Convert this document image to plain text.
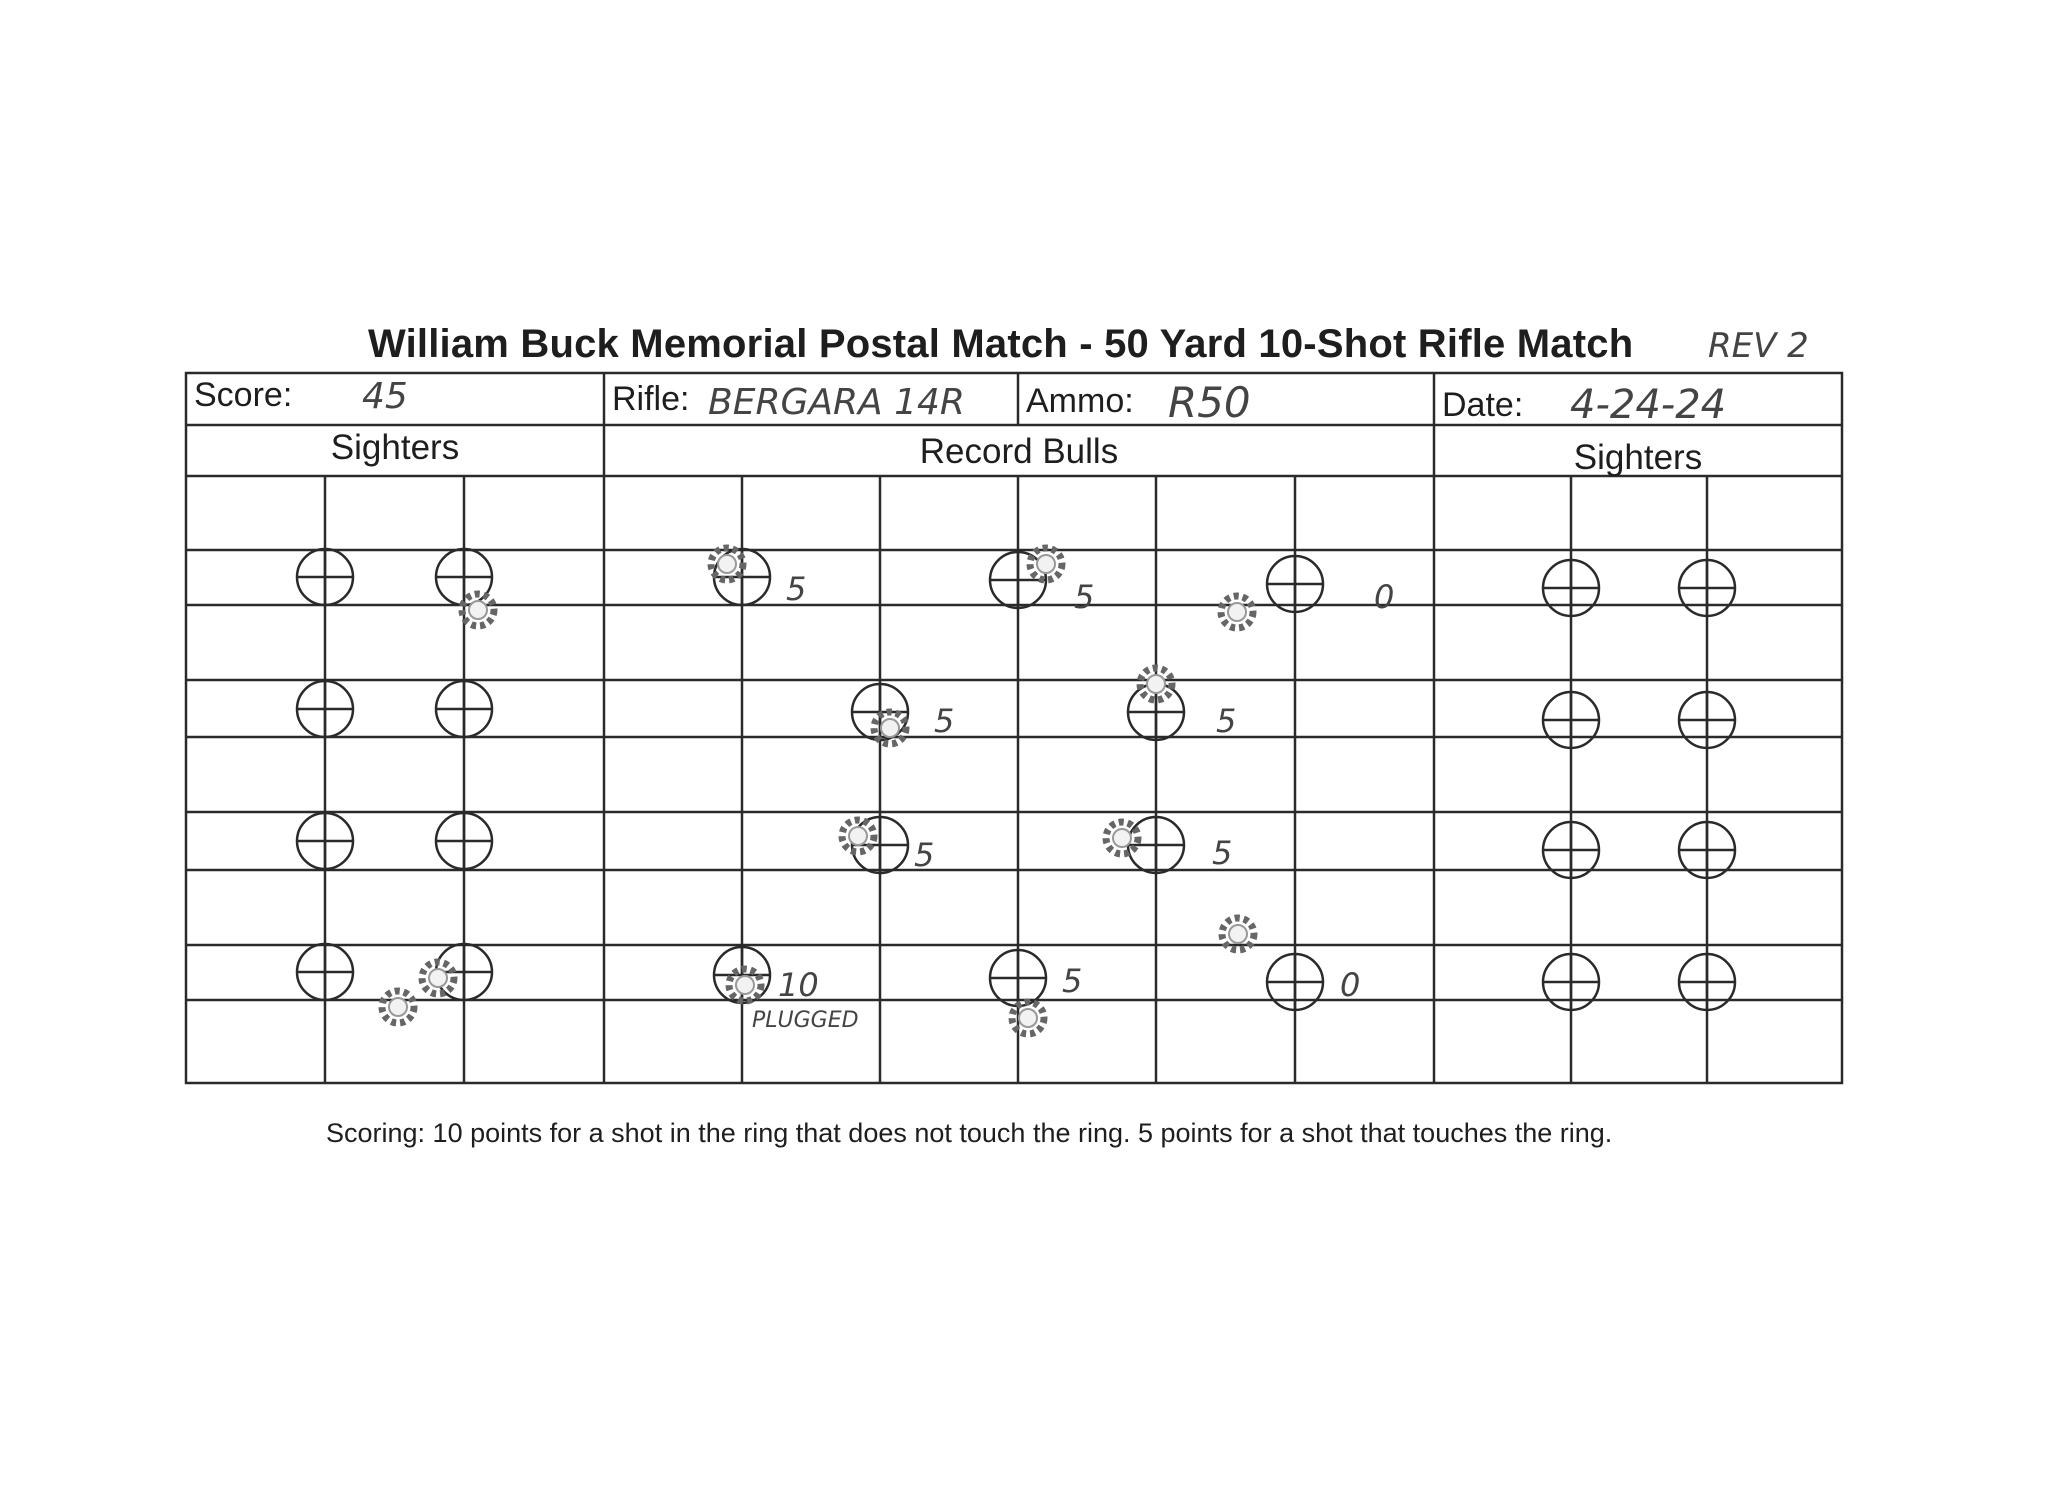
William Buck Memorial Postal Match - 50 Yard 10-Shot Rifle Match	REV 2
Score: 45	Rifle: BERGARA 14R Ammo: R50	Date: 4-24-24
Sighters	Record Bulls	Sighters
5	5	0
5	5
5	5
10	5	0
PLUGGED
Scoring: 10 points for a shot in the ring that does not touch the ring. 5 points for a shot that touches the ring.
